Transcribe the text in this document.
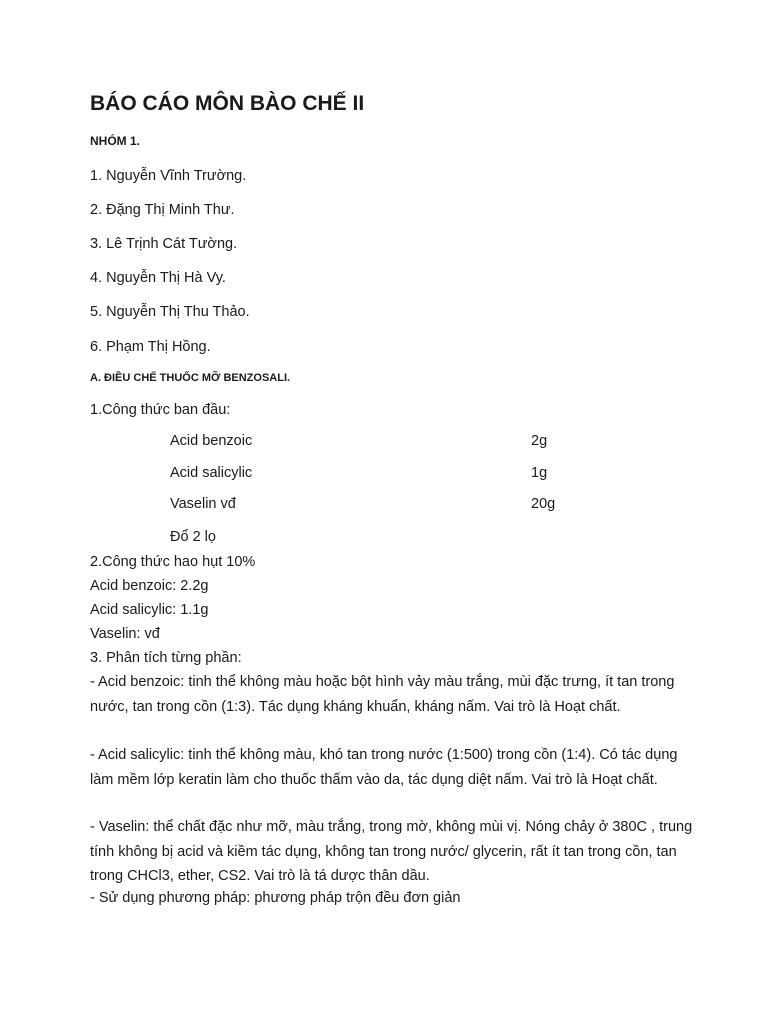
BÁO CÁO MÔN BÀO CHẾ II
NHÓM 1.
1. Nguyễn Vĩnh Trường.
2. Đặng Thị Minh Thư.
3. Lê Trịnh Cát Tường.
4. Nguyễn Thị Hà Vy.
5. Nguyễn Thị Thu Thảo.
6. Phạm Thị Hồng.
A. ĐIỀU CHẾ THUỐC MỠ BENZOSALI.
1.Công thức ban đầu:
Acid benzoic	2g
Acid salicylic	1g
Vaselin vđ	20g
Đổ 2 lọ

2.Công thức hao hụt 10%

Acid benzoic: 2.2g

Acid salicylic: 1.1g

Vaselin: vđ

3. Phân tích từng phần:

- Acid benzoic: tinh thể không màu hoặc bột hình vảy màu trắng, mùi đặc trưng, ít tan trong nước, tan trong cồn (1:3). Tác dụng kháng khuẩn, kháng nấm. Vai trò là Hoạt chất.
- Acid salicylic: tinh thể không màu, khó tan trong nước (1:500) trong cồn (1:4). Có tác dụng làm mềm lớp keratin làm cho thuốc thấm vào da, tác dụng diệt nấm. Vai trò là Hoạt chất.
- Vaselin: thể chất đặc như mỡ, màu trắng, trong mờ, không mùi vị. Nóng chảy ở 380C , trung tính không bị acid và kiềm tác dụng, không tan trong nước/ glycerin, rất ít tan trong cồn, tan trong CHCl3, ether, CS2. Vai trò là tá dược thân dầu.
- Sử dụng phương pháp: phương pháp trộn đều đơn giản
